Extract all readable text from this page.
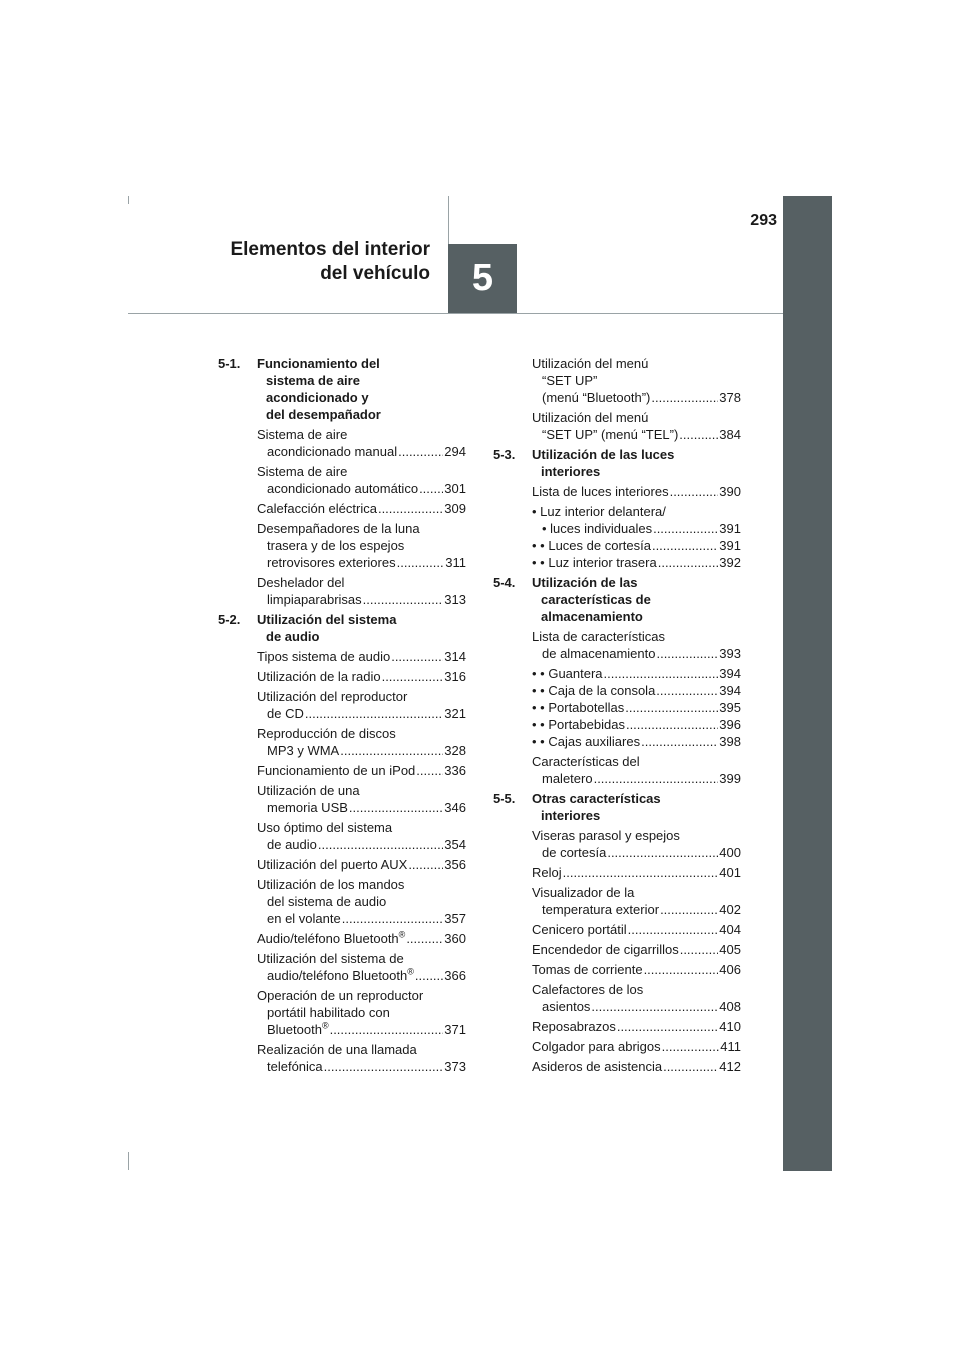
293
5
Elementos del interior
del vehículo
5-1.	Funcionamiento del
sistema de aire
acondicionado y
del desempañador
Sistema de aire
acondicionado manual .....	294
Sistema de aire
acondicionado automático ..... 301
Calefacción eléctrica .....	309
Desempañadores de la luna
trasera y de los espejos
retrovisores exteriores .....	311
Deshelador del
limpiaparabrisas .....	313
5-2.	Utilización del sistema
de audio
Tipos sistema de audio .....	314
Utilización de la radio .....	316
Utilización del reproductor
de CD .....	321
Reproducción de discos
MP3 y WMA .....	328
Funcionamiento de un iPod ..... 336
Utilización de una
memoria USB .....	346
Uso óptimo del sistema
de audio .....	354
Utilización del puerto AUX .....	356
Utilización de los mandos
del sistema de audio
en el volante .....	357
Audio/teléfono Bluetooth® .....	360
Utilización del sistema de
audio/teléfono Bluetooth® ..... 366
Operación de un reproductor
portátil habilitado con
Bluetooth® .....	371
Realización de una llamada
telefónica .....	373
Utilización del menú
“SET UP”
(menú “Bluetooth”) .....	378
Utilización del menú
“SET UP” (menú “TEL”) .....	384
5-3.	Utilización de las luces
interiores
Lista de luces interiores .....	390
• Luz interior delantera/
• luces individuales .....	391
• • Luces de cortesía .....	391
• • Luz interior trasera .....	392
5-4.	Utilización de las
características de
almacenamiento
Lista de características
de almacenamiento .....	393
• • Guantera .....	394
• • Caja de la consola .....	394
• • Portabotellas .....	395
• • Portabebidas .....	396
• • Cajas auxiliares .....	398
Características del
maletero .....	399
5-5.	Otras características
interiores
Viseras parasol y espejos
de cortesía .....	400
Reloj .....	401
Visualizador de la
temperatura exterior .....	402
Cenicero portátil .....	404
Encendedor de cigarrillos .....	405
Tomas de corriente .....	406
Calefactores de los
asientos .....	408
Reposabrazos .....	410
Colgador para abrigos .....	411
Asideros de asistencia .....	412
